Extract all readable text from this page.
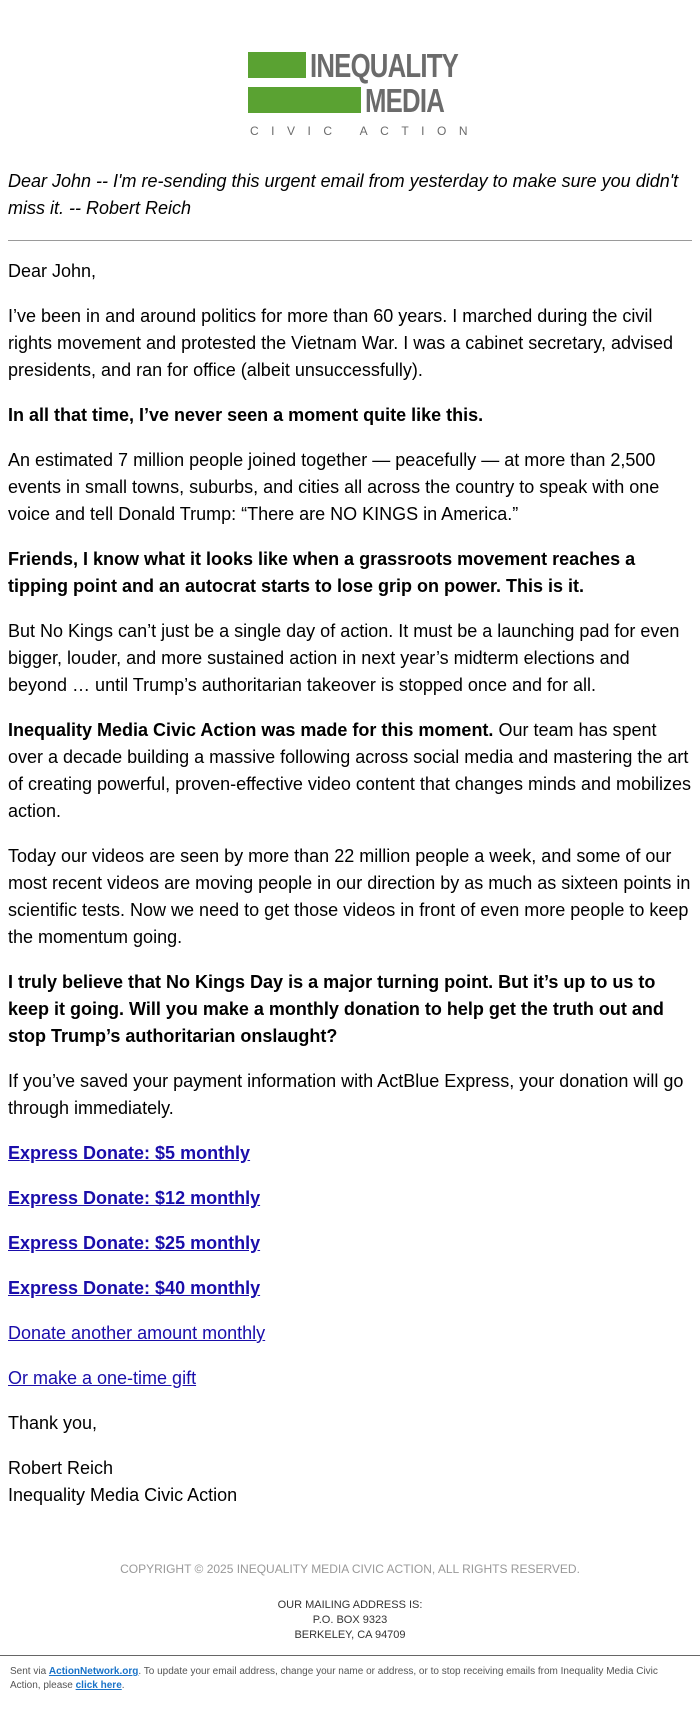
INEQUALITY
MEDIA
CIVIC ACTION

Dear John -- I'm re-sending this urgent email from yesterday to make sure you didn't miss it. -- Robert Reich

Dear John,

I’ve been in and around politics for more than 60 years. I marched during the civil rights movement and protested the Vietnam War. I was a cabinet secretary, advised presidents, and ran for office (albeit unsuccessfully).

In all that time, I’ve never seen a moment quite like this.

An estimated 7 million people joined together — peacefully — at more than 2,500 events in small towns, suburbs, and cities all across the country to speak with one voice and tell Donald Trump: “There are NO KINGS in America.”

Friends, I know what it looks like when a grassroots movement reaches a tipping point and an autocrat starts to lose grip on power. This is it.

But No Kings can’t just be a single day of action. It must be a launching pad for even bigger, louder, and more sustained action in next year’s midterm elections and beyond … until Trump’s authoritarian takeover is stopped once and for all.

Inequality Media Civic Action was made for this moment. Our team has spent over a decade building a massive following across social media and mastering the art of creating powerful, proven-effective video content that changes minds and mobilizes action.

Today our videos are seen by more than 22 million people a week, and some of our most recent videos are moving people in our direction by as much as sixteen points in scientific tests. Now we need to get those videos in front of even more people to keep the momentum going.

I truly believe that No Kings Day is a major turning point. But it’s up to us to keep it going. Will you make a monthly donation to help get the truth out and stop Trump’s authoritarian onslaught?

If you’ve saved your payment information with ActBlue Express, your donation will go through immediately.

Express Donate: $5 monthly

Express Donate: $12 monthly

Express Donate: $25 monthly

Express Donate: $40 monthly

Donate another amount monthly

Or make a one-time gift

Thank you,

Robert Reich
Inequality Media Civic Action

COPYRIGHT © 2025 INEQUALITY MEDIA CIVIC ACTION, ALL RIGHTS RESERVED.
OUR MAILING ADDRESS IS:
P.O. BOX 9323
BERKELEY, CA 94709
Sent via ActionNetwork.org. To update your email address, change your name or address, or to stop receiving emails from Inequality Media Civic Action, please click here.
